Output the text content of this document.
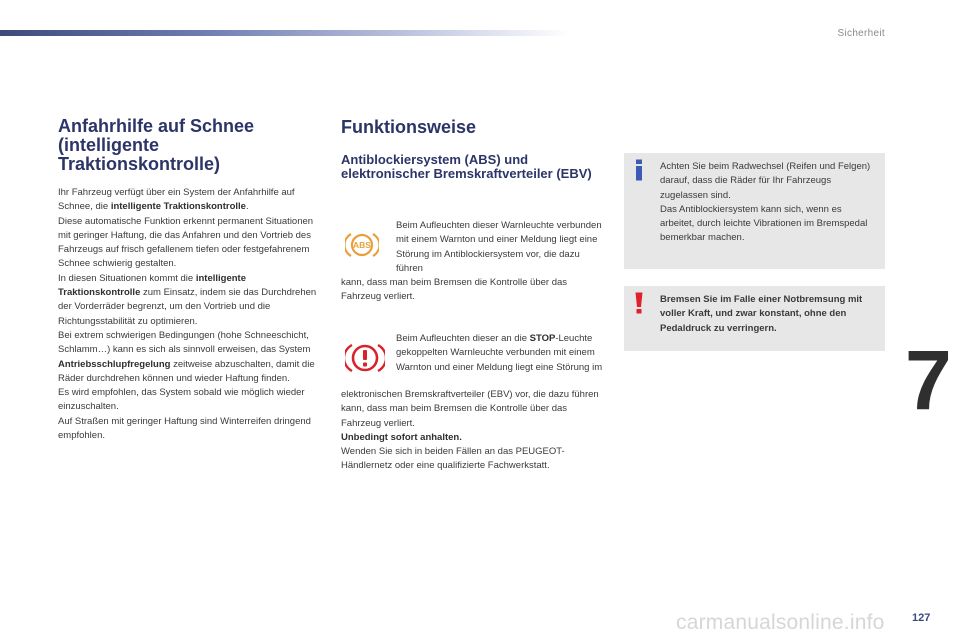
Sicherheit
Anfahrhilfe auf Schnee (intelligente Traktionskontrolle)

Ihr Fahrzeug verfügt über ein System der Anfahrhilfe auf Schnee, die intelligente Traktionskontrolle.

Diese automatische Funktion erkennt permanent Situationen mit geringer Haftung, die das Anfahren und den Vortrieb des Fahrzeugs auf frisch gefallenem tiefen oder festgefahrenem Schnee schwierig gestalten.

In diesen Situationen kommt die intelligente Traktionskontrolle zum Einsatz, indem sie das Durchdrehen der Vorderräder begrenzt, um den Vortrieb und die Richtungsstabilität zu optimieren.

Bei extrem schwierigen Bedingungen (hohe Schneeschicht, Schlamm…) kann es sich als sinnvoll erweisen, das System Antriebsschlupfregelung zeitweise abzuschalten, damit die Räder durchdrehen können und wieder Haftung finden.

Es wird empfohlen, das System sobald wie möglich wieder einzuschalten.

Auf Straßen mit geringer Haftung sind Winterreifen dringend empfohlen.

Funktionsweise
Antiblockiersystem (ABS) und elektronischer Bremskraftverteiler (EBV)
ABS

Beim Aufleuchten dieser Warnleuchte verbunden mit einem Warnton und einer Meldung liegt eine Störung im Antiblockiersystem vor, die dazu führen

kann, dass man beim Bremsen die Kontrolle über das Fahrzeug verliert.

Beim Aufleuchten dieser an die STOP-Leuchte gekoppelten Warnleuchte verbunden mit einem Warnton und einer Meldung liegt eine Störung im

elektronischen Bremskraftverteiler (EBV) vor, die dazu führen kann, dass man beim Bremsen die Kontrolle über das Fahrzeug verliert.

Unbedingt sofort anhalten.

Wenden Sie sich in beiden Fällen an das PEUGEOT-Händlernetz oder eine qualifizierte Fachwerkstatt.

Achten Sie beim Radwechsel (Reifen und Felgen) darauf, dass die Räder für Ihr Fahrzeugs zugelassen sind.
Das Antiblockiersystem kann sich, wenn es arbeitet, durch leichte Vibrationen im Bremspedal bemerkbar machen.
Bremsen Sie im Falle einer Notbremsung mit voller Kraft, und zwar konstant, ohne den Pedaldruck zu verringern.
7
carmanualsonline.info	127
